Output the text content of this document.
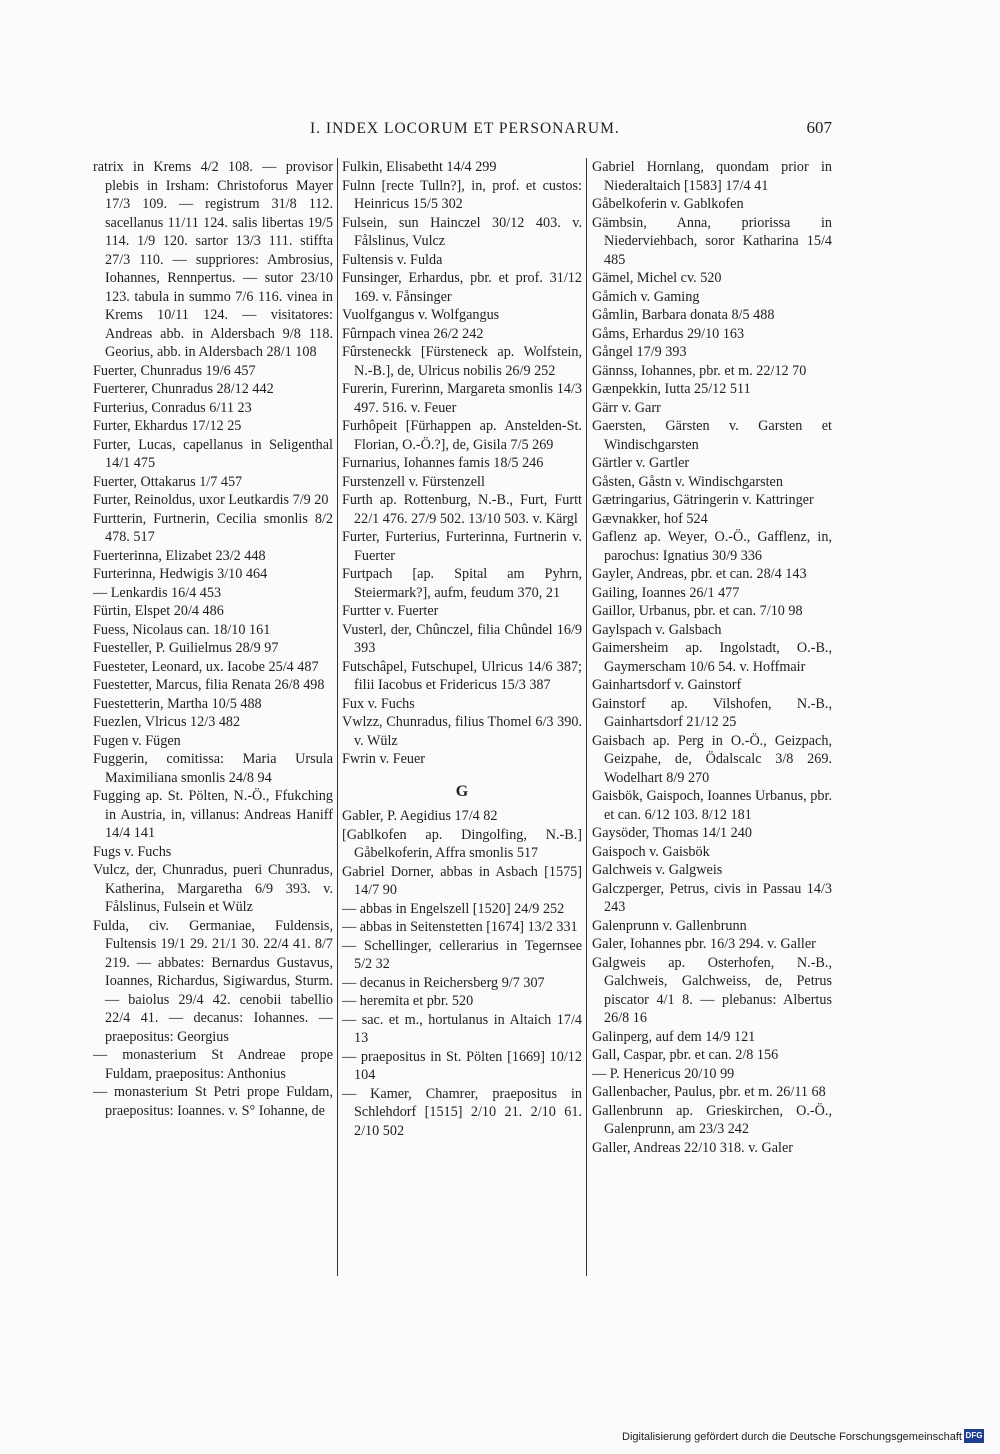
I. INDEX LOCORUM ET PERSONARUM.	607

ratrix in Krems 4/2 108. — provisor plebis in Irsham: Christoforus Mayer 17/3 109. — registrum 31/8 112. sacellanus 11/11 124. salis libertas 19/5 114. 1/9 120. sartor 13/3 111. stiffta 27/3 110. — suppriores: Ambrosius, Iohannes, Rennpertus. — sutor 23/10 123. tabula in summo 7/6 116. vinea in Krems 10/11 124. — visitatores: Andreas abb. in Aldersbach 9/8 118. Georius, abb. in Aldersbach 28/1 108

Fuerter, Chunradus 19/6 457

Fuerterer, Chunradus 28/12 442

Furterius, Conradus 6/11 23

Furter, Ekhardus 17/12 25

Furter, Lucas, capellanus in Seligenthal 14/1 475

Fuerter, Ottakarus 1/7 457

Furter, Reinoldus, uxor Leutkardis 7/9 20

Furtterin, Furtnerin, Cecilia smonlis 8/2 478. 517

Fuerterinna, Elizabet 23/2 448

Furterinna, Hedwigis 3/10 464

— Lenkardis 16/4 453

Fürtin, Elspet 20/4 486

Fuess, Nicolaus can. 18/10 161

Fuesteller, P. Guilielmus 28/9 97

Fuesteter, Leonard, ux. Iacobe 25/4 487

Fuestetter, Marcus, filia Renata 26/8 498

Fuestetterin, Martha 10/5 488

Fuezlen, Vlricus 12/3 482

Fugen v. Fügen

Fuggerin, comitissa: Maria Ursula Maximiliana smonlis 24/8 94

Fugging ap. St. Pölten, N.-Ö., Ffukching in Austria, in, villanus: Andreas Haniff 14/4 141

Fugs v. Fuchs

Vulcz, der, Chunradus, pueri Chunradus, Katherina, Margaretha 6/9 393. v. Fålslinus, Fulsein et Wülz

Fulda, civ. Germaniae, Fuldensis, Fultensis 19/1 29. 21/1 30. 22/4 41. 8/7 219. — abbates: Bernardus Gustavus, Ioannes, Richardus, Sigiwardus, Sturm. — baiolus 29/4 42. cenobii tabellio 22/4 41. — decanus: Iohannes. — praepositus: Georgius

— monasterium St Andreae prope Fuldam, praepositus: Anthonius

— monasterium St Petri prope Fuldam, praepositus: Ioannes. v. S° Iohanne, de

Fulkin, Elisabetht 14/4 299

Fulnn [recte Tulln?], in, prof. et custos: Heinricus 15/5 302

Fulsein, sun Hainczel 30/12 403. v. Fålslinus, Vulcz

Fultensis v. Fulda

Funsinger, Erhardus, pbr. et prof. 31/12 169. v. Fånsinger

Vuolfgangus v. Wolfgangus

Fûrnpach vinea 26/2 242

Fûrsteneckk [Fürsteneck ap. Wolfstein, N.-B.], de, Ulricus nobilis 26/9 252

Furerin, Furerinn, Margareta smonlis 14/3 497. 516. v. Feuer

Furhôpeit [Fürhappen ap. Anstelden-St. Florian, O.-Ö.?], de, Gisila 7/5 269

Furnarius, Iohannes famis 18/5 246

Furstenzell v. Fürstenzell

Furth ap. Rottenburg, N.-B., Furt, Furtt 22/1 476. 27/9 502. 13/10 503. v. Kärgl

Furter, Furterius, Furterinna, Furtnerin v. Fuerter

Furtpach [ap. Spital am Pyhrn, Steiermark?], aufm, feudum 370, 21

Furtter v. Fuerter

Vusterl, der, Chûnczel, filia Chûndel 16/9 393

Futschâpel, Futschupel, Ulricus 14/6 387; filii Iacobus et Fridericus 15/3 387

Fux v. Fuchs

Vwlzz, Chunradus, filius Thomel 6/3 390. v. Wülz

Fwrin v. Feuer

G

Gabler, P. Aegidius 17/4 82

[Gablkofen ap. Dingolfing, N.-B.] Gåbelkoferin, Affra smonlis 517

Gabriel Dorner, abbas in Asbach [1575] 14/7 90

— abbas in Engelszell [1520] 24/9 252

— abbas in Seitenstetten [1674] 13/2 331

— Schellinger, cellerarius in Tegernsee 5/2 32

— decanus in Reichersberg 9/7 307

— heremita et pbr. 520

— sac. et m., hortulanus in Altaich 17/4 13

— praepositus in St. Pölten [1669] 10/12 104

— Kamer, Chamrer, praepositus in Schlehdorf [1515] 2/10 21. 2/10 61. 2/10 502

Gabriel Hornlang, quondam prior in Niederaltaich [1583] 17/4 41

Gåbelkoferin v. Gablkofen

Gämbsin, Anna, priorissa in Niederviehbach, soror Katharina 15/4 485

Gämel, Michel cv. 520

Gåmich v. Gaming

Gåmlin, Barbara donata 8/5 488

Gåms, Erhardus 29/10 163

Gångel 17/9 393

Gännss, Iohannes, pbr. et m. 22/12 70

Gænpekkin, Iutta 25/12 511

Gärr v. Garr

Gaersten, Gärsten v. Garsten et Windischgarsten

Gärtler v. Gartler

Gåsten, Gåstn v. Windischgarsten

Gætringarius, Gätringerin v. Kattringer

Gævnakker, hof 524

Gaflenz ap. Weyer, O.-Ö., Gafflenz, in, parochus: Ignatius 30/9 336

Gayler, Andreas, pbr. et can. 28/4 143

Gailing, Ioannes 26/1 477

Gaillor, Urbanus, pbr. et can. 7/10 98

Gaylspach v. Galsbach

Gaimersheim ap. Ingolstadt, O.-B., Gaymerscham 10/6 54. v. Hoffmair

Gainhartsdorf v. Gainstorf

Gainstorf ap. Vilshofen, N.-B., Gainhartsdorf 21/12 25

Gaisbach ap. Perg in O.-Ö., Geizpach, Geizpahe, de, Ödalscalc 3/8 269. Wodelhart 8/9 270

Gaisbök, Gaispoch, Ioannes Urbanus, pbr. et can. 6/12 103. 8/12 181

Gaysöder, Thomas 14/1 240

Gaispoch v. Gaisbök

Galchweis v. Galgweis

Galczperger, Petrus, civis in Passau 14/3 243

Galenprunn v. Gallenbrunn

Galer, Iohannes pbr. 16/3 294. v. Galler

Galgweis ap. Osterhofen, N.-B., Galchweis, Galchweiss, de, Petrus piscator 4/1 8. — plebanus: Albertus 26/8 16

Galinperg, auf dem 14/9 121

Gall, Caspar, pbr. et can. 2/8 156

— P. Henericus 20/10 99

Gallenbacher, Paulus, pbr. et m. 26/11 68

Gallenbrunn ap. Grieskirchen, O.-Ö., Galenprunn, am 23/3 242

Galler, Andreas 22/10 318. v. Galer

Digitalisierung gefördert durch die Deutsche Forschungsgemeinschaft DFG
